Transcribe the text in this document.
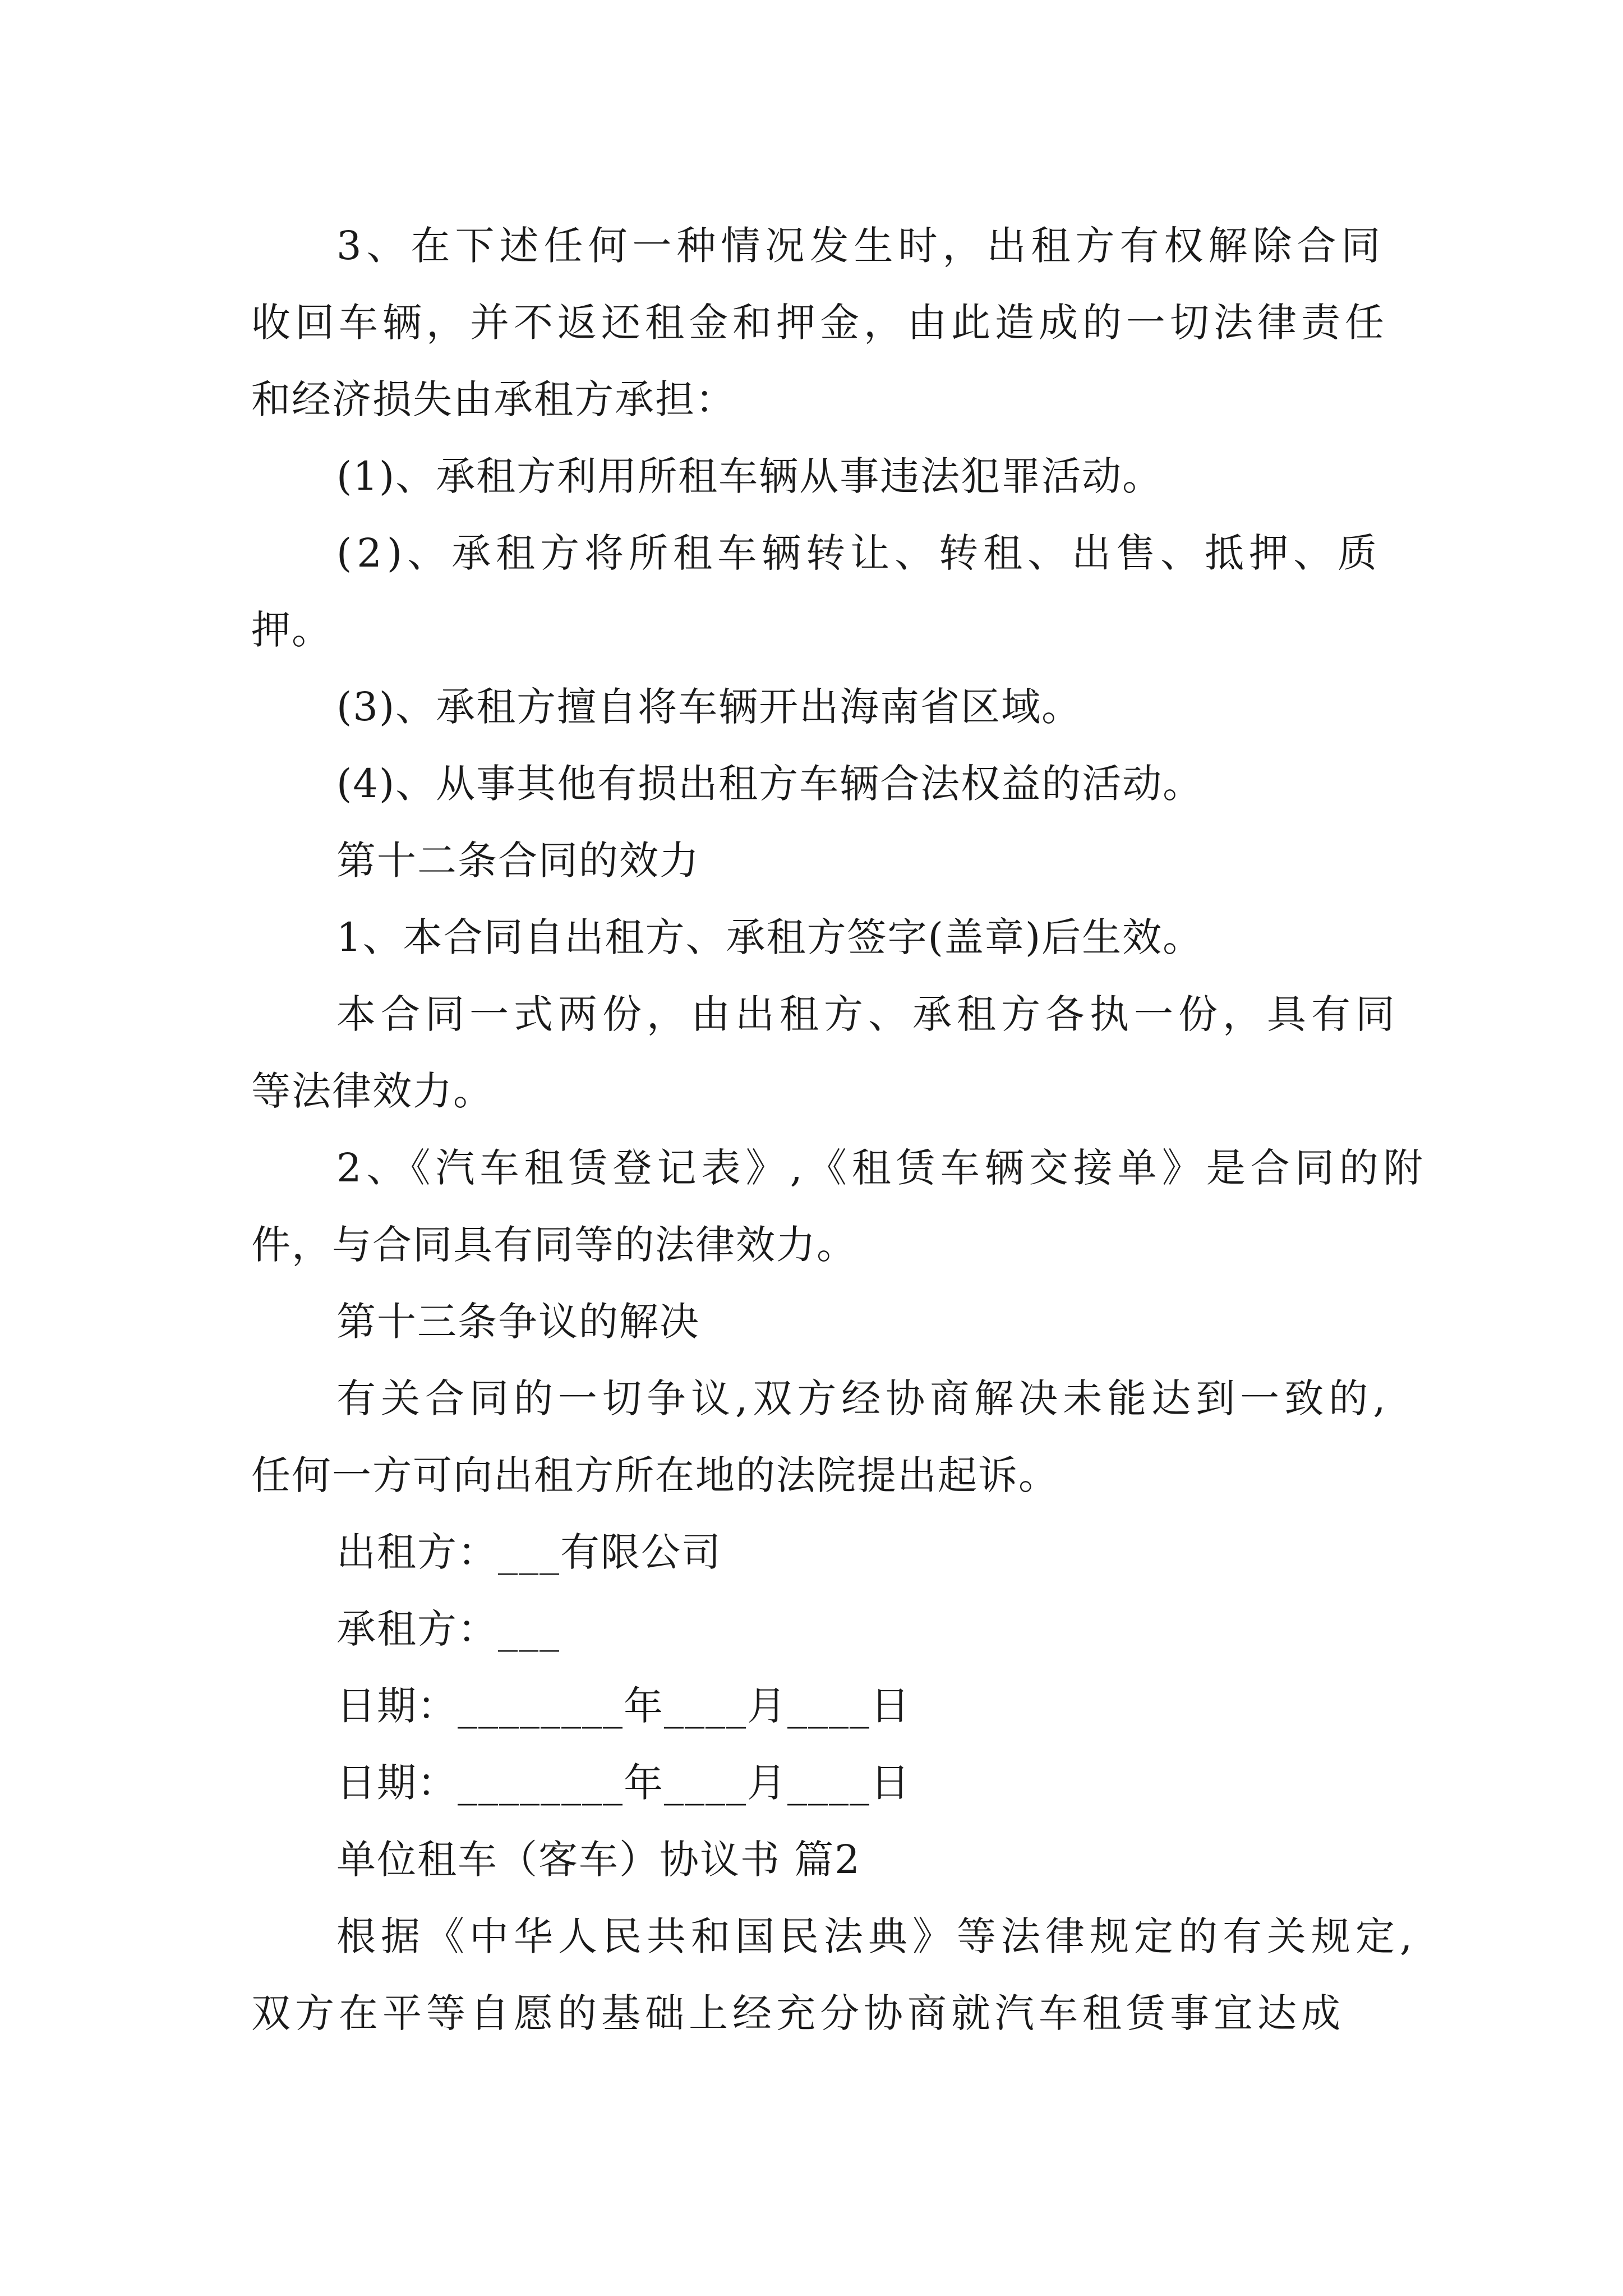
3、在下述任何一种情况发生时，出租方有权解除合同
收回车辆，并不返还租金和押金，由此造成的一切法律责任
和经济损失由承租方承担：
(1)、承租方利用所租车辆从事违法犯罪活动。
(2)、承租方将所租车辆转让、转租、出售、抵押、质
押。
(3)、承租方擅自将车辆开出海南省区域。
(4)、从事其他有损出租方车辆合法权益的活动。
第十二条合同的效力
1、本合同自出租方、承租方签字(盖章)后生效。
本合同一式两份，由出租方、承租方各执一份，具有同
等法律效力。
2、《汽车租赁登记表》,《租赁车辆交接单》是合同的附
件，与合同具有同等的法律效力。
第十三条争议的解决
有关合同的一切争议,双方经协商解决未能达到一致的,
任何一方可向出租方所在地的法院提出起诉。
出租方：___有限公司
承租方：___
日期：________年____月____日
日期：________年____月____日
单位租车（客车）协议书 篇2
根据《中华人民共和国民法典》等法律规定的有关规定,
双方在平等自愿的基础上经充分协商就汽车租赁事宜达成
